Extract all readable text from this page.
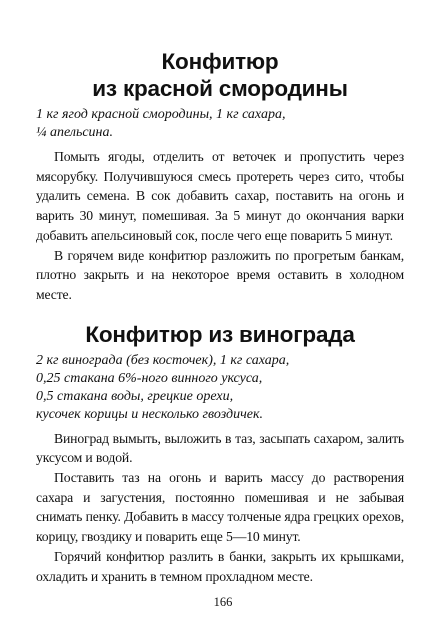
Конфитюр
из красной смородины
1 кг ягод красной смородины, 1 кг сахара,
¼ апельсина.

Помыть ягоды, отделить от веточек и пропустить через мясорубку. Получившуюся смесь протереть через сито, чтобы удалить семена. В сок добавить сахар, поставить на огонь и варить 30 минут, помешивая. За 5 минут до окончания варки добавить апельсиновый сок, после чего еще поварить 5 минут.

В горячем виде конфитюр разложить по прогретым банкам, плотно закрыть и на некоторое время оставить в холодном месте.

Конфитюр из винограда
2 кг винограда (без косточек), 1 кг сахара,
0,25 стакана 6%-ного винного уксуса,
0,5 стакана воды, грецкие орехи,
кусочек корицы и несколько гвоздичек.

Виноград вымыть, выложить в таз, засыпать сахаром, залить уксусом и водой.

Поставить таз на огонь и варить массу до растворения сахара и загустения, постоянно помешивая и не забывая снимать пенку. Добавить в массу толченые ядра грецких орехов, корицу, гвоздику и поварить еще 5—10 минут.

Горячий конфитюр разлить в банки, закрыть их крышками, охладить и хранить в темном прохладном месте.

166
